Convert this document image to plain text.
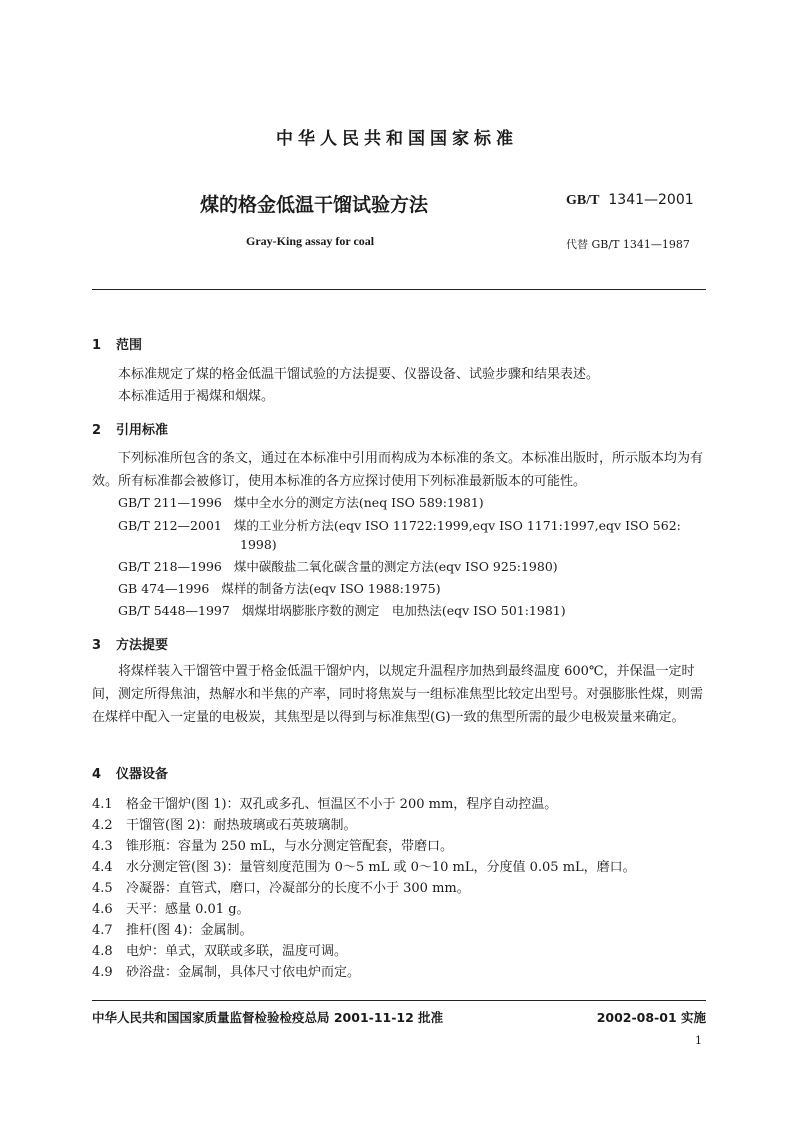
中华人民共和国国家标准
煤的格金低温干馏试验方法	GB/T 1341—2001
Gray-King assay for coal	代替 GB/T 1341—1987
1 范围
本标准规定了煤的格金低温干馏试验的方法提要、仪器设备、试验步骤和结果表述。
本标准适用于褐煤和烟煤。
2 引用标准
下列标准所包含的条文，通过在本标准中引用而构成为本标准的条文。本标准出版时，所示版本均为有效。所有标准都会被修订，使用本标准的各方应探讨使用下列标准最新版本的可能性。
GB/T 211—1996 煤中全水分的测定方法(neq ISO 589:1981)
GB/T 212—2001 煤的工业分析方法(eqv ISO 11722:1999,eqv ISO 1171:1997,eqv ISO 562:
1998)
GB/T 218—1996 煤中碳酸盐二氧化碳含量的测定方法(eqv ISO 925:1980)
GB 474—1996 煤样的制备方法(eqv ISO 1988:1975)
GB/T 5448—1997 烟煤坩埚膨胀序数的测定　电加热法(eqv ISO 501:1981)
3 方法提要
将煤样装入干馏管中置于格金低温干馏炉内，以规定升温程序加热到最终温度 600℃，并保温一定时间，测定所得焦油，热解水和半焦的产率，同时将焦炭与一组标准焦型比较定出型号。对强膨胀性煤，则需在煤样中配入一定量的电极炭，其焦型是以得到与标准焦型(G)一致的焦型所需的最少电极炭量来确定。
4 仪器设备
4.1 格金干馏炉(图 1)：双孔或多孔、恒温区不小于 200 mm，程序自动控温。
4.2 干馏管(图 2)：耐热玻璃或石英玻璃制。
4.3 锥形瓶：容量为 250 mL，与水分测定管配套，带磨口。
4.4 水分测定管(图 3)：量管刻度范围为 0～5 mL 或 0～10 mL，分度值 0.05 mL，磨口。
4.5 冷凝器：直管式，磨口，冷凝部分的长度不小于 300 mm。
4.6 天平：感量 0.01 g。
4.7 推杆(图 4)：金属制。
4.8 电炉：单式，双联或多联，温度可调。
4.9 砂浴盘：金属制，具体尺寸依电炉而定。
中华人民共和国国家质量监督检验检疫总局 2001-11-12 批准	2002-08-01 实施
1
